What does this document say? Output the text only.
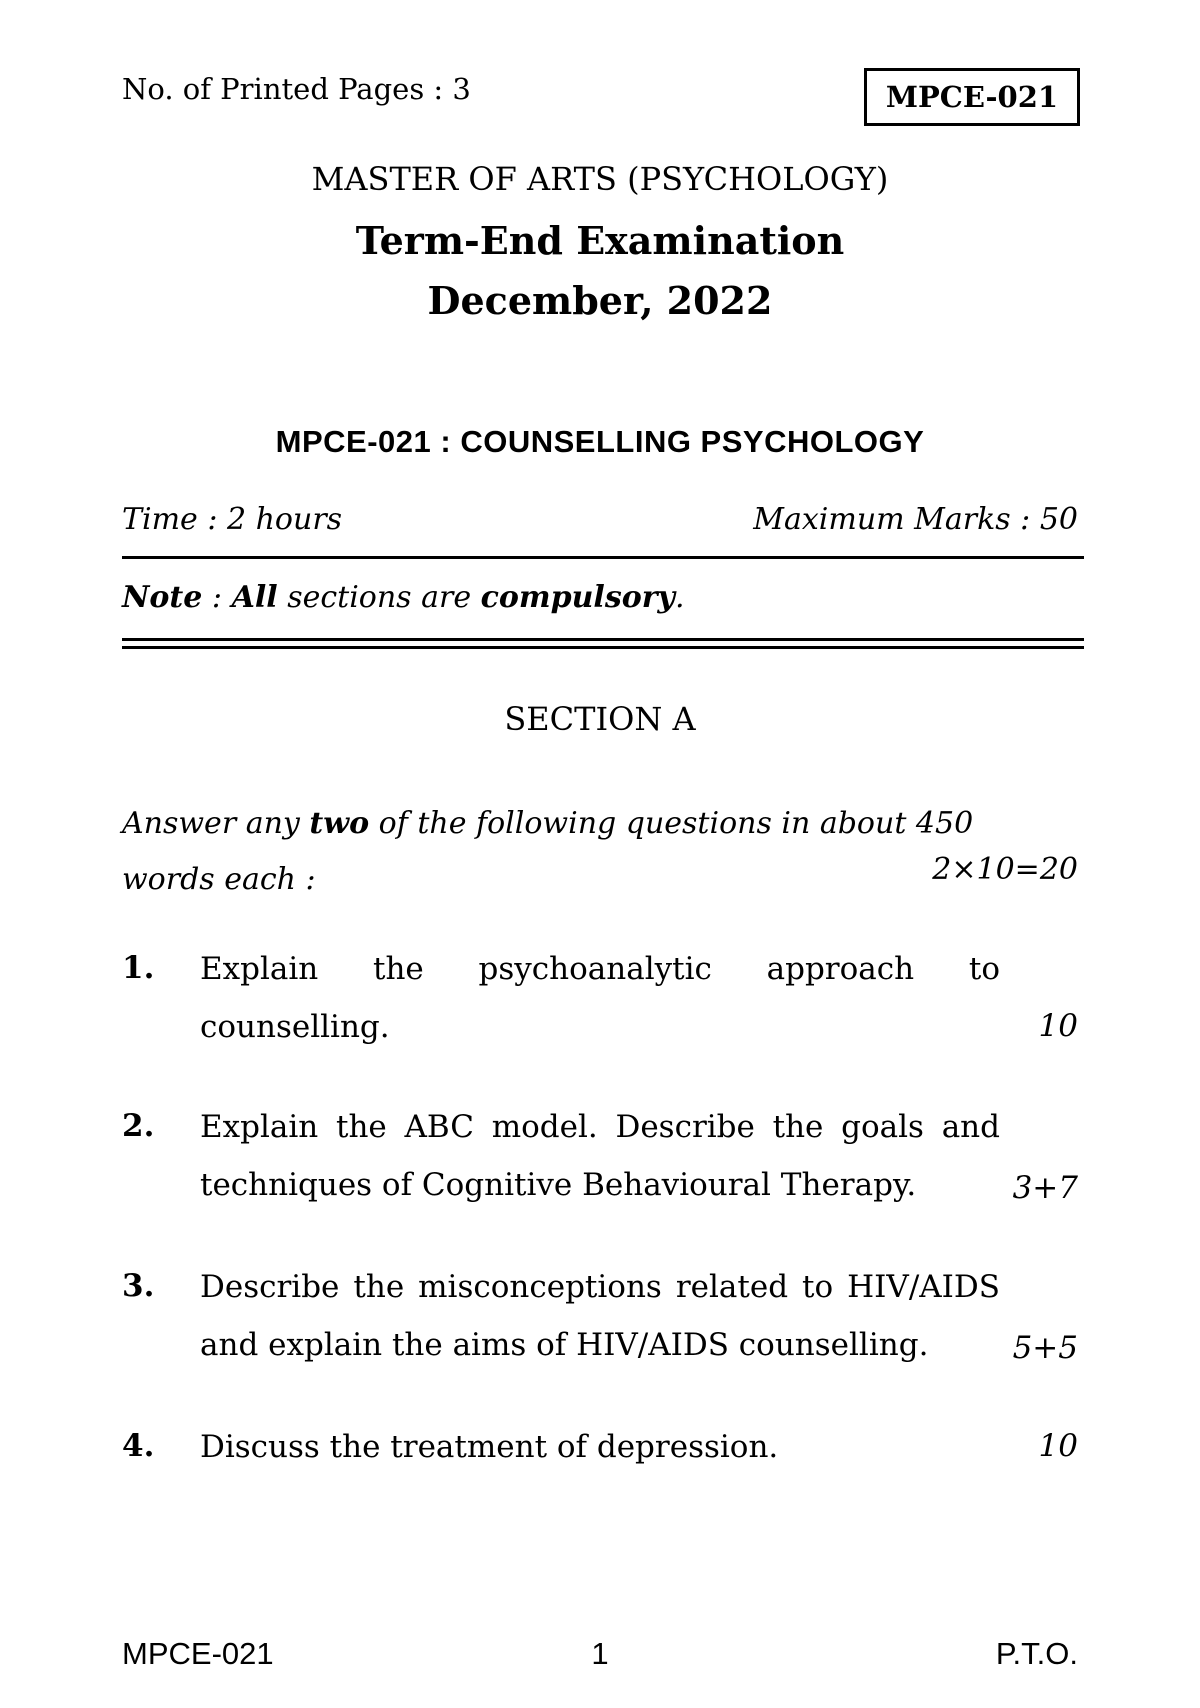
No. of Printed Pages : 3	MPCE-021
MASTER OF ARTS (PSYCHOLOGY)
Term-End Examination
December, 2022
MPCE-021 : COUNSELLING PSYCHOLOGY
Time : 2 hours	Maximum Marks : 50
Note : All sections are compulsory.
SECTION A
Answer any two of the following questions in about 450 words each :	2×10=20
1. Explain the psychoanalytic approach to counselling.	10
2. Explain the ABC model. Describe the goals and techniques of Cognitive Behavioural Therapy.	3+7
3. Describe the misconceptions related to HIV/AIDS and explain the aims of HIV/AIDS counselling.	5+5
4. Discuss the treatment of depression.	10
MPCE-021	1	P.T.O.
